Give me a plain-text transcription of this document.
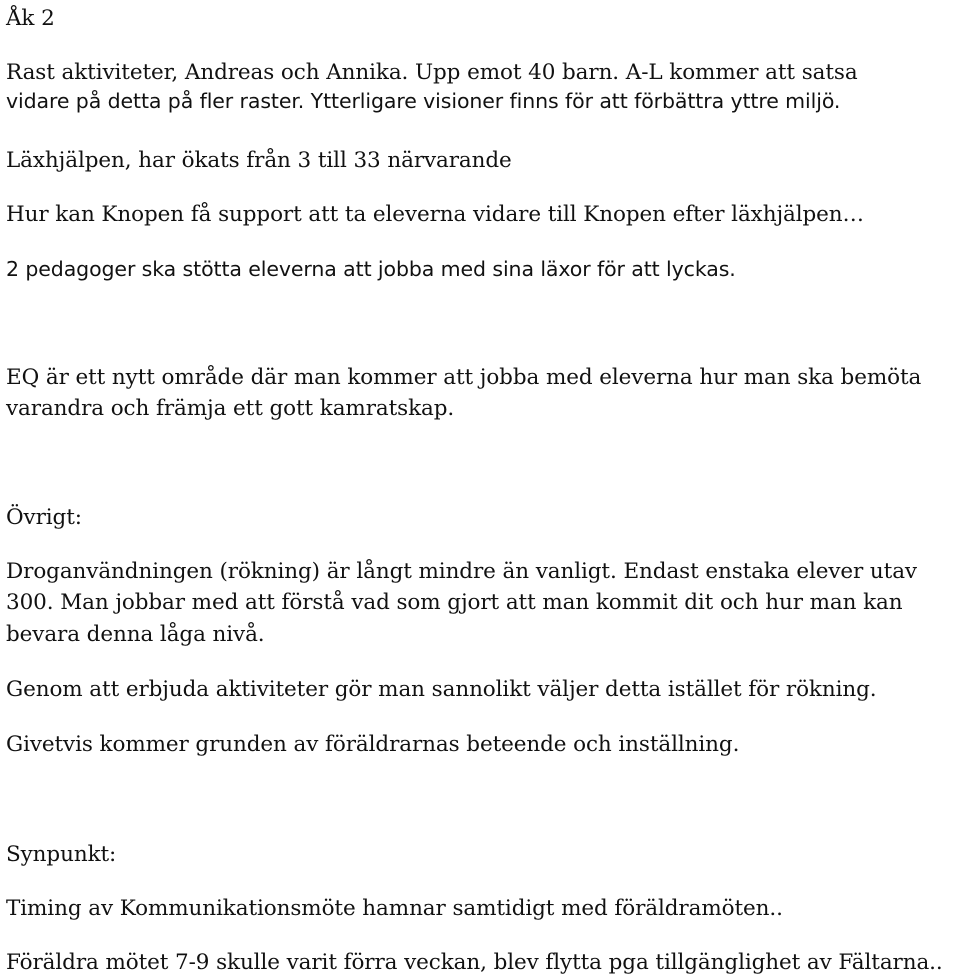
Åk 2
Rast aktiviteter, Andreas och Annika. Upp emot 40 barn. A-L kommer att satsa
vidare på detta på fler raster. Ytterligare visioner finns för att förbättra yttre miljö.
Läxhjälpen, har ökats från 3 till 33 närvarande
Hur kan Knopen få support att ta eleverna vidare till Knopen efter läxhjälpen…
2 pedagoger ska stötta eleverna att jobba med sina läxor för att lyckas.
EQ är ett nytt område där man kommer att jobba med eleverna hur man ska bemöta
varandra och främja ett gott kamratskap.
Övrigt:
Droganvändningen (rökning) är långt mindre än vanligt. Endast enstaka elever utav
300. Man jobbar med att förstå vad som gjort att man kommit dit och hur man kan
bevara denna låga nivå.
Genom att erbjuda aktiviteter gör man sannolikt väljer detta istället för rökning.
Givetvis kommer grunden av föräldrarnas beteende och inställning.
Synpunkt:
Timing av Kommunikationsmöte hamnar samtidigt med föräldramöten..
Föräldra mötet 7-9 skulle varit förra veckan, blev flytta pga tillgänglighet av Fältarna..
